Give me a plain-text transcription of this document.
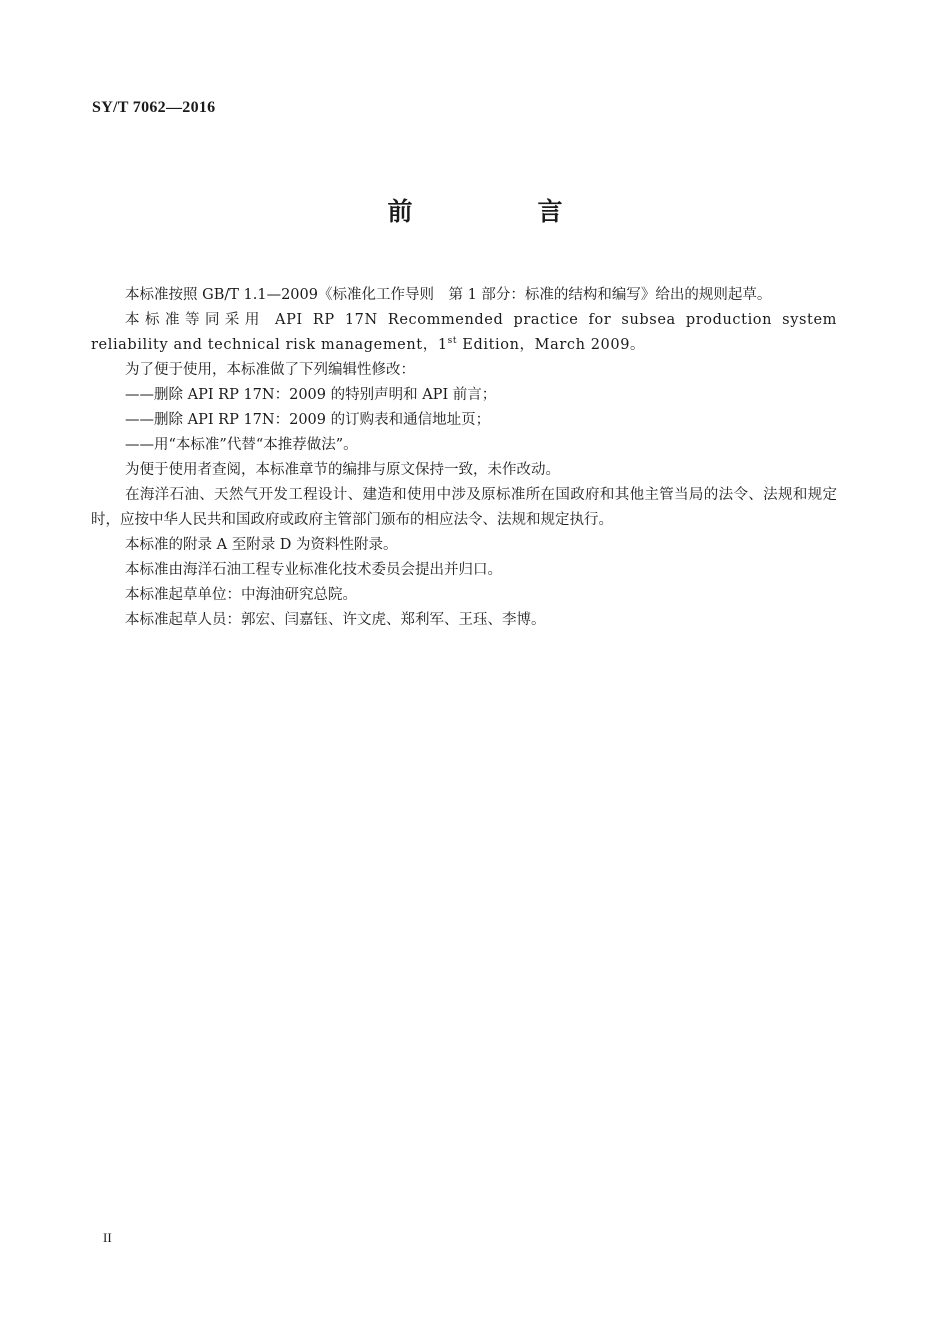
SY/T 7062—2016
前　言

本标准按照 GB/T 1.1—2009《标准化工作导则　第 1 部分：标准的结构和编写》给出的规则起草。

本标准等同采用 API RP 17N Recommended practice for subsea production system reliability and technical risk management，1st Edition，March 2009。

为了便于使用，本标准做了下列编辑性修改：

——删除 API RP 17N：2009 的特别声明和 API 前言；

——删除 API RP 17N：2009 的订购表和通信地址页；

——用“本标准”代替“本推荐做法”。

为便于使用者查阅，本标准章节的编排与原文保持一致，未作改动。

在海洋石油、天然气开发工程设计、建造和使用中涉及原标准所在国政府和其他主管当局的法令、法规和规定时，应按中华人民共和国政府或政府主管部门颁布的相应法令、法规和规定执行。

本标准的附录 A 至附录 D 为资料性附录。

本标准由海洋石油工程专业标准化技术委员会提出并归口。

本标准起草单位：中海油研究总院。

本标准起草人员：郭宏、闫嘉钰、许文虎、郑利军、王珏、李博。

II
